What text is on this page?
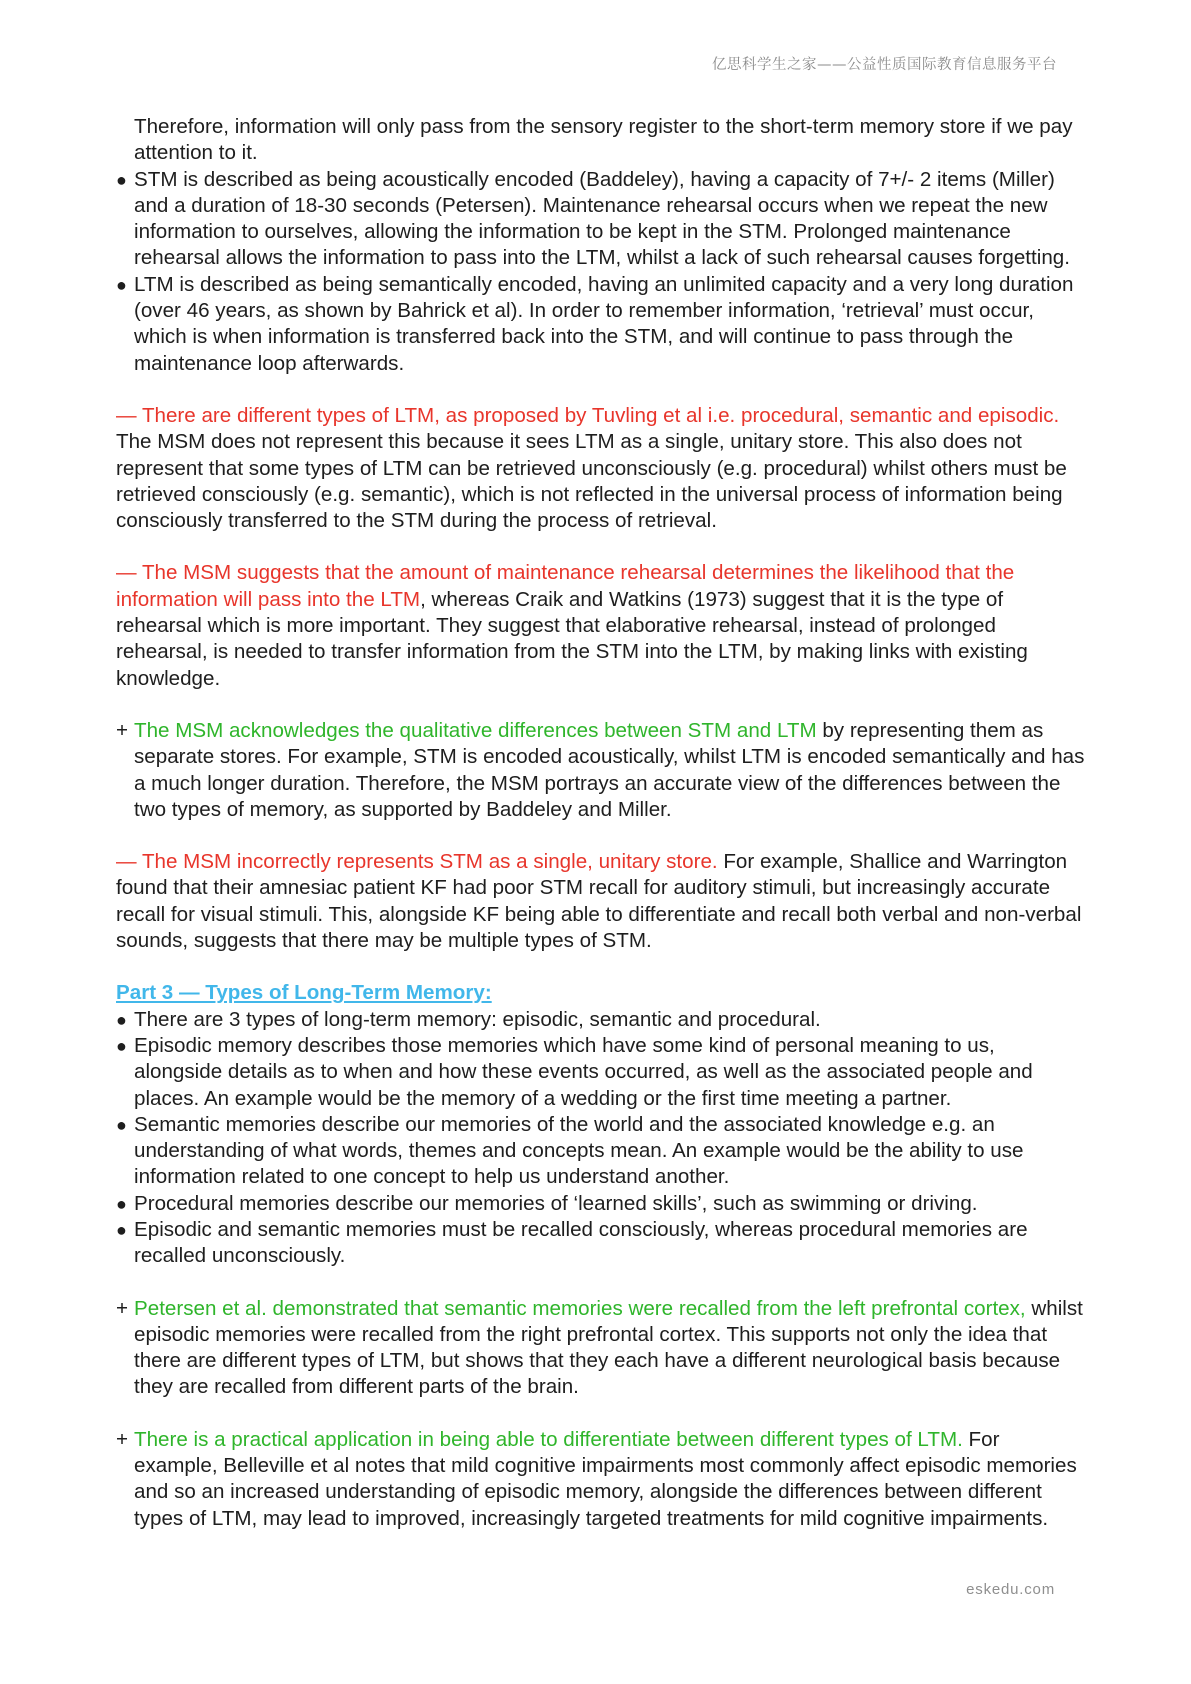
亿思科学生之家——公益性质国际教育信息服务平台

Therefore, information will only pass from the sensory register to the short-term memory store if we pay attention to it.

● STM is described as being acoustically encoded (Baddeley), having a capacity of 7+/- 2 items (Miller) and a duration of 18-30 seconds (Petersen). Maintenance rehearsal occurs when we repeat the new information to ourselves, allowing the information to be kept in the STM. Prolonged maintenance rehearsal allows the information to pass into the LTM, whilst a lack of such rehearsal causes forgetting.
● LTM is described as being semantically encoded, having an unlimited capacity and a very long duration (over 46 years, as shown by Bahrick et al). In order to remember information, ‘retrieval’ must occur, which is when information is transferred back into the STM, and will continue to pass through the maintenance loop afterwards.

— There are different types of LTM, as proposed by Tuvling et al i.e. procedural, semantic and episodic. The MSM does not represent this because it sees LTM as a single, unitary store. This also does not represent that some types of LTM can be retrieved unconsciously (e.g. procedural) whilst others must be retrieved consciously (e.g. semantic), which is not reflected in the universal process of information being consciously transferred to the STM during the process of retrieval.

— The MSM suggests that the amount of maintenance rehearsal determines the likelihood that the information will pass into the LTM, whereas Craik and Watkins (1973) suggest that it is the type of rehearsal which is more important. They suggest that elaborative rehearsal, instead of prolonged rehearsal, is needed to transfer information from the STM into the LTM, by making links with existing knowledge.

+ The MSM acknowledges the qualitative differences between STM and LTM by representing them as separate stores. For example, STM is encoded acoustically, whilst LTM is encoded semantically and has a much longer duration. Therefore, the MSM portrays an accurate view of the differences between the two types of memory, as supported by Baddeley and Miller.

— The MSM incorrectly represents STM as a single, unitary store. For example, Shallice and Warrington found that their amnesiac patient KF had poor STM recall for auditory stimuli, but increasingly accurate recall for visual stimuli. This, alongside KF being able to differentiate and recall both verbal and non-verbal sounds, suggests that there may be multiple types of STM.

Part 3 — Types of Long-Term Memory:

● There are 3 types of long-term memory: episodic, semantic and procedural.
● Episodic memory describes those memories which have some kind of personal meaning to us, alongside details as to when and how these events occurred, as well as the associated people and places. An example would be the memory of a wedding or the first time meeting a partner.
● Semantic memories describe our memories of the world and the associated knowledge e.g. an understanding of what words, themes and concepts mean. An example would be the ability to use information related to one concept to help us understand another.
● Procedural memories describe our memories of ‘learned skills’, such as swimming or driving.
● Episodic and semantic memories must be recalled consciously, whereas procedural memories are recalled unconsciously.
+ Petersen et al. demonstrated that semantic memories were recalled from the left prefrontal cortex, whilst episodic memories were recalled from the right prefrontal cortex. This supports not only the idea that there are different types of LTM, but shows that they each have a different neurological basis because they are recalled from different parts of the brain.
+ There is a practical application in being able to differentiate between different types of LTM. For example, Belleville et al notes that mild cognitive impairments most commonly affect episodic memories and so an increased understanding of episodic memory, alongside the differences between different types of LTM, may lead to improved, increasingly targeted treatments for mild cognitive impairments.
eskedu.com
